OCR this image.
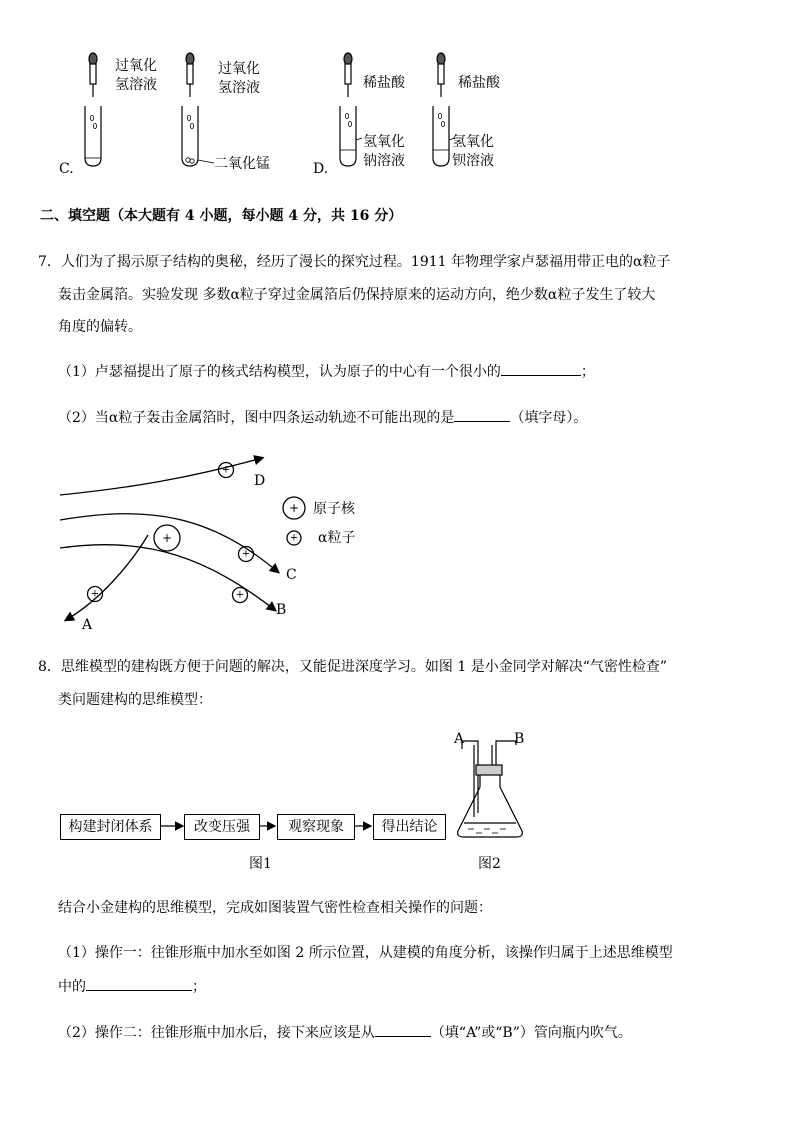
C.	D.
过氧化
氢溶液
过氧化
氢溶液
二氧化锰
稀盐酸	稀盐酸
氢氧化
钠溶液
氢氧化
钡溶液
二、填空题（本大题有 4 小题，每小题 4 分，共 16 分）
7．人们为了揭示原子结构的奥秘，经历了漫长的探究过程。1911 年物理学家卢瑟福用带正电的α粒子
轰击金属箔。实验发现 多数α粒子穿过金属箔后仍保持原来的运动方向，绝少数α粒子发生了较大
角度的偏转。
（1）卢瑟福提出了原子的核式结构模型，认为原子的中心有一个很小的	；
（2）当α粒子轰击金属箔时，图中四条运动轨迹不可能出现的是	（填字母）。
+
+
+
+
+
+
+
D
C
B
A
原子核
α粒子
8．思维模型的建构既方便于问题的解决，又能促进深度学习。如图 1 是小金同学对解决“气密性检查”
类问题建构的思维模型：
构建封闭体系	改变压强	观察现象	得出结论
图1
A	B
图2
结合小金建构的思维模型，完成如图装置气密性检查相关操作的问题：
（1）操作一：往锥形瓶中加水至如图 2 所示位置，从建模的角度分析，该操作归属于上述思维模型
中的	；
（2）操作二：往锥形瓶中加水后，接下来应该是从	（填“A”或“B”）管向瓶内吹气。
